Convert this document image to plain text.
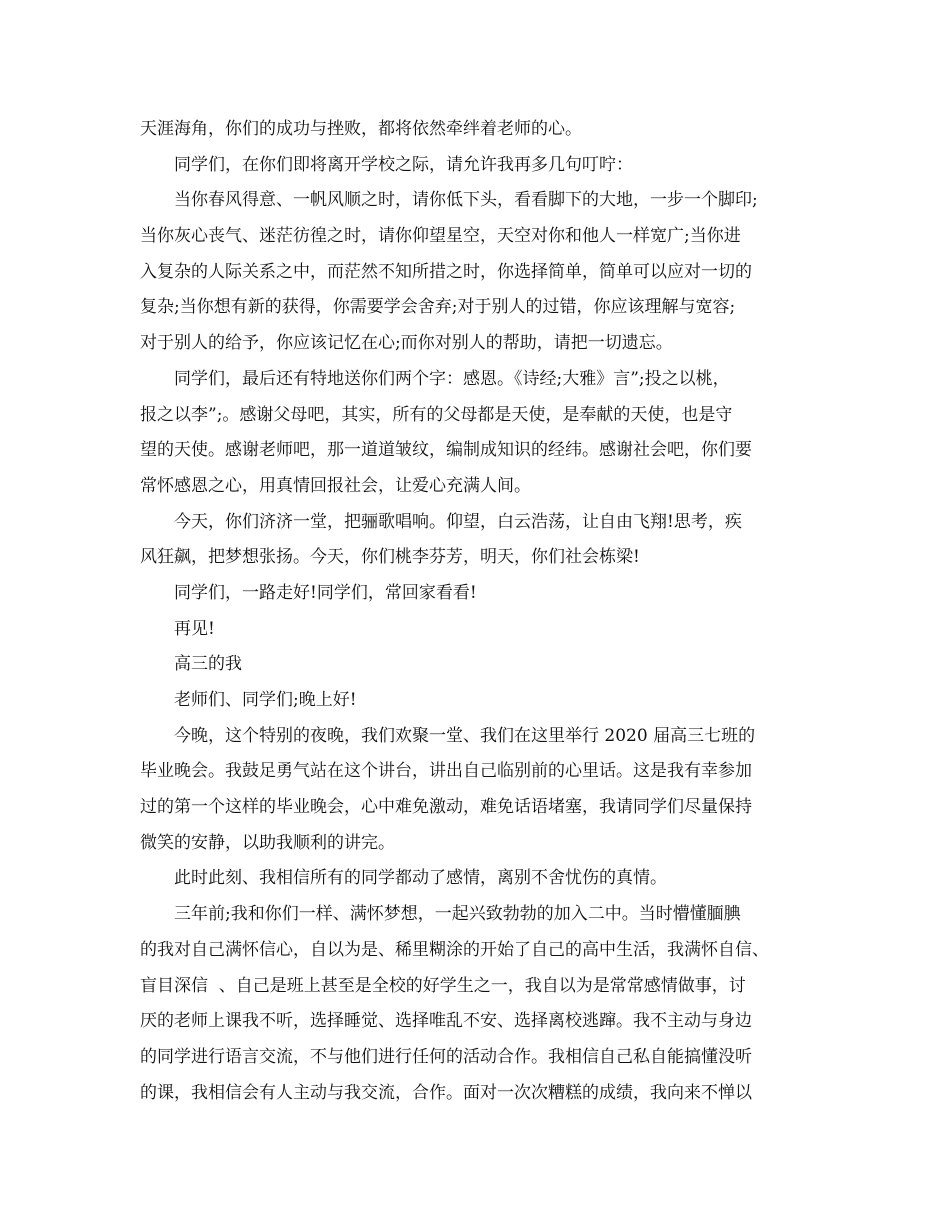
天涯海角，你们的成功与挫败，都将依然牵绊着老师的心。
同学们，在你们即将离开学校之际，请允许我再多几句叮咛：
当你春风得意、一帆风顺之时，请你低下头，看看脚下的大地，一步一个脚印;
当你灰心丧气、迷茫彷徨之时，请你仰望星空，天空对你和他人一样宽广;当你进
入复杂的人际关系之中，而茫然不知所措之时，你选择简单，简单可以应对一切的
复杂;当你想有新的获得，你需要学会舍弃;对于别人的过错，你应该理解与宽容;
对于别人的给予，你应该记忆在心;而你对别人的帮助，请把一切遗忘。
同学们，最后还有特地送你们两个字：感恩。《诗经;大雅》言”;投之以桃，
报之以李”;。感谢父母吧，其实，所有的父母都是天使，是奉献的天使，也是守
望的天使。感谢老师吧，那一道道皱纹，编制成知识的经纬。感谢社会吧，你们要
常怀感恩之心，用真情回报社会，让爱心充满人间。
今天，你们济济一堂，把骊歌唱响。仰望，白云浩荡，让自由飞翔!思考，疾
风狂飙，把梦想张扬。今天，你们桃李芬芳，明天，你们社会栋梁!
同学们，一路走好!同学们，常回家看看!
再见!
高三的我
老师们、同学们;晚上好!
今晚，这个特别的夜晚，我们欢聚一堂、我们在这里举行 2020 届高三七班的
毕业晚会。我鼓足勇气站在这个讲台，讲出自己临别前的心里话。这是我有幸参加
过的第一个这样的毕业晚会，心中难免激动，难免话语堵塞，我请同学们尽量保持
微笑的安静，以助我顺利的讲完。
此时此刻、我相信所有的同学都动了感情，离别不舍忧伤的真情。
三年前;我和你们一样、满怀梦想，一起兴致勃勃的加入二中。当时懵懂腼腆
的我对自己满怀信心，自以为是、稀里糊涂的开始了自己的高中生活，我满怀自信、
盲目深信  、自己是班上甚至是全校的好学生之一，我自以为是常常感情做事，讨
厌的老师上课我不听，选择睡觉、选择唯乱不安、选择离校逃蹿。我不主动与身边
的同学进行语言交流，不与他们进行任何的活动合作。我相信自己私自能搞懂没听
的课，我相信会有人主动与我交流，合作。面对一次次糟糕的成绩，我向来不惮以
